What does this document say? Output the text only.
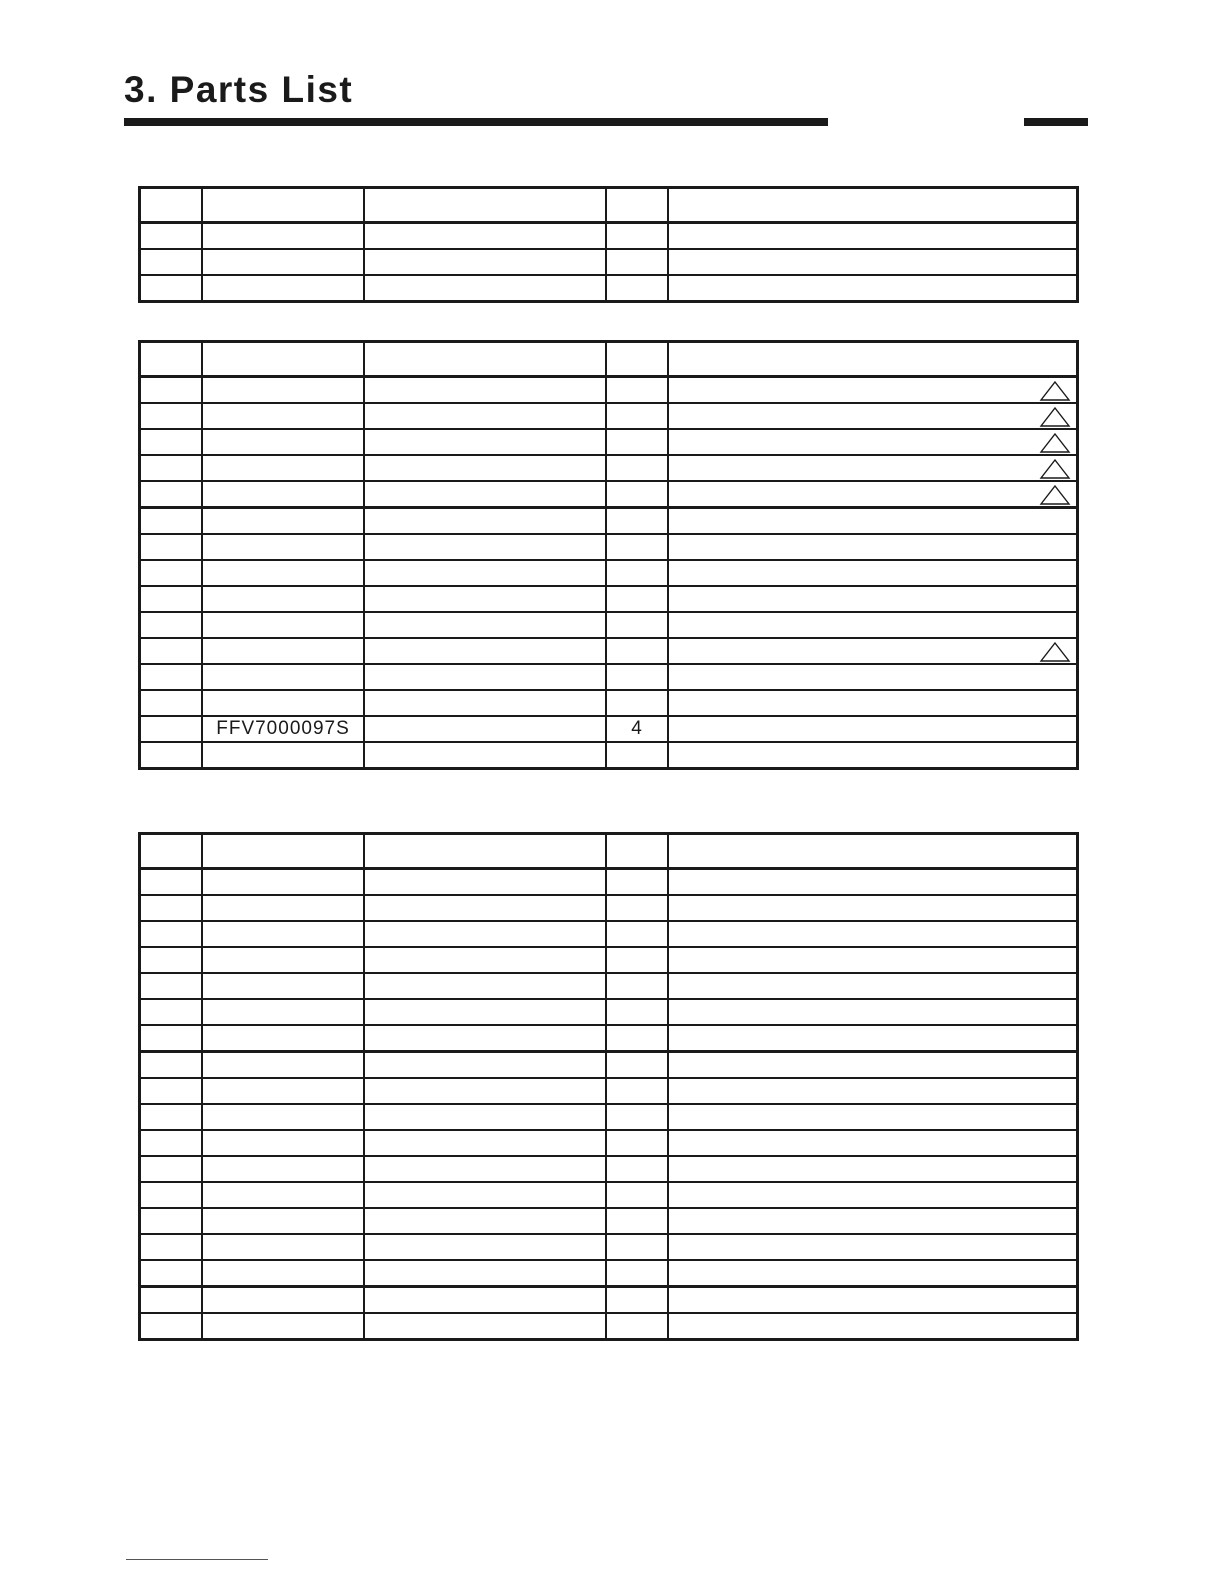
3. Parts List

	FFV7000097S		4	
